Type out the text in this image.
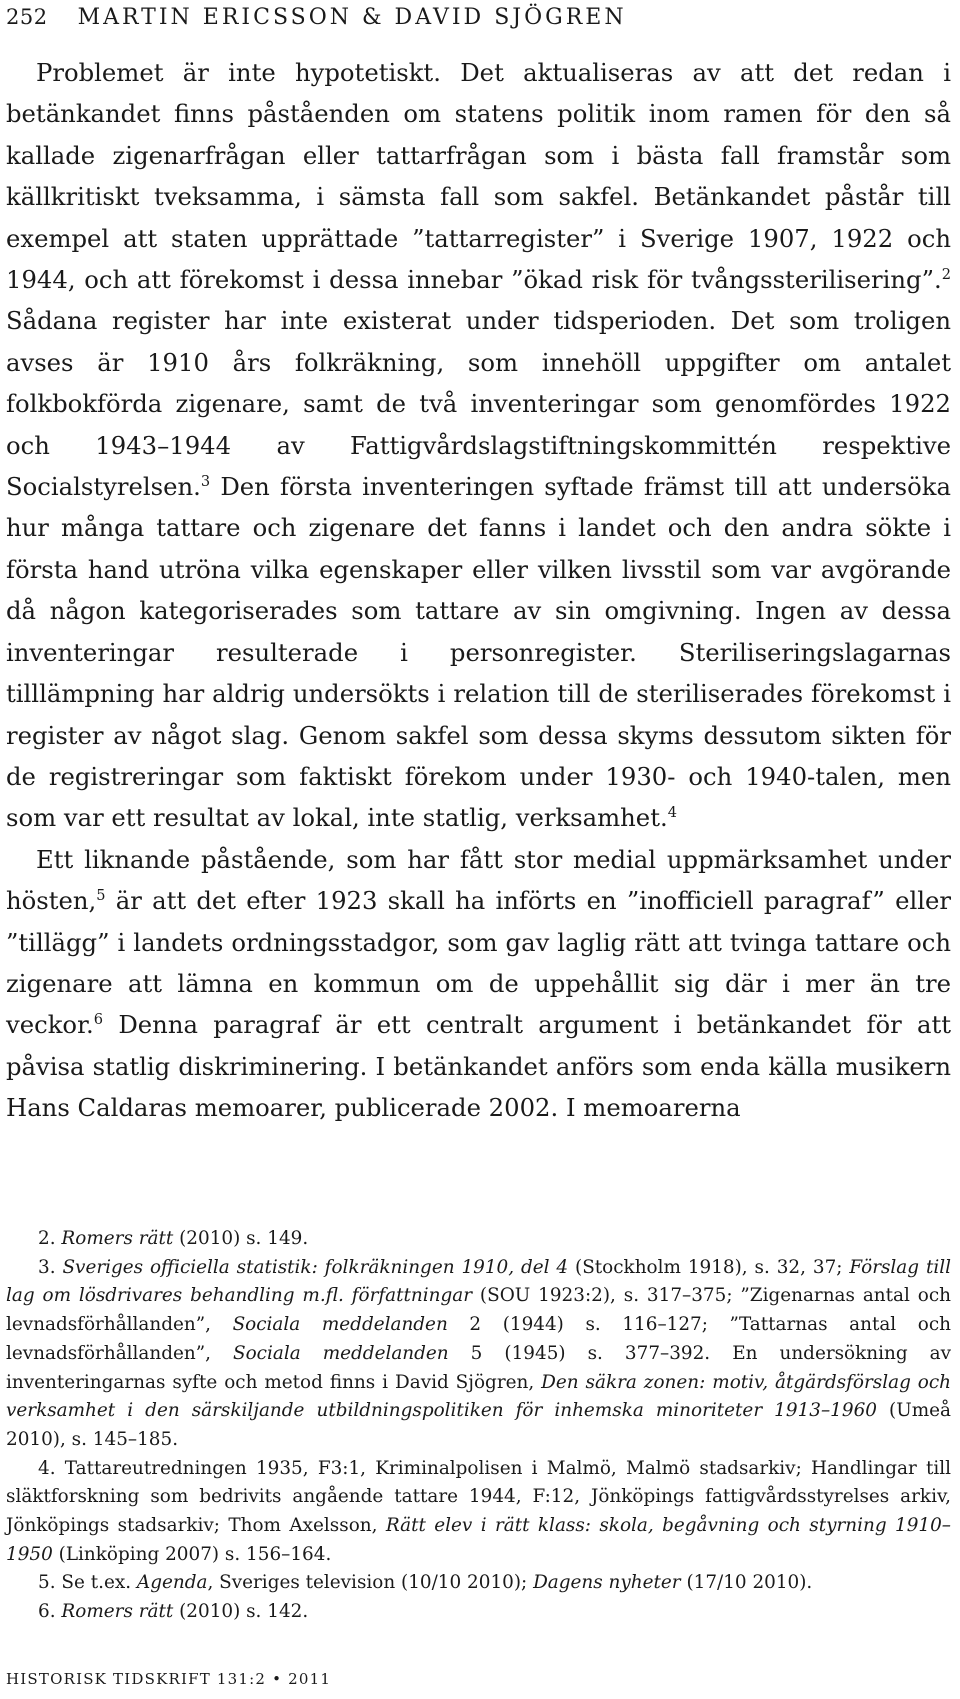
252 MARTIN ERICSSON & DAVID SJÖGREN

Problemet är inte hypotetiskt. Det aktualiseras av att det redan i betänkandet finns påståenden om statens politik inom ramen för den så kallade zigenarfrågan eller tattarfrågan som i bästa fall framstår som källkritiskt tveksamma, i sämsta fall som sakfel. Betänkandet påstår till exempel att staten upprättade ”tattarregister” i Sverige 1907, 1922 och 1944, och att förekomst i dessa innebar ”ökad risk för tvångssterilisering”.$^2$ Sådana register har inte existerat under tidsperioden. Det som troligen avses är 1910 års folkräkning, som innehöll uppgifter om antalet folkbokförda zigenare, samt de två inventeringar som genomfördes 1922 och 1943–1944 av Fattigvårdslagstiftningskommittén respektive Socialstyrelsen.$^3$ Den första inventeringen syftade främst till att undersöka hur många tattare och zigenare det fanns i landet och den andra sökte i första hand utröna vilka egenskaper eller vilken livsstil som var avgörande då någon kategoriserades som tattare av sin omgivning. Ingen av dessa inventeringar resulterade i personregister. Steriliseringslagarnas tilllämpning har aldrig undersökts i relation till de steriliserades förekomst i register av något slag. Genom sakfel som dessa skyms dessutom sikten för de registreringar som faktiskt förekom under 1930- och 1940-talen, men som var ett resultat av lokal, inte statlig, verksamhet.$^4$

Ett liknande påstående, som har fått stor medial uppmärksamhet under hösten,$^5$ är att det efter 1923 skall ha införts en ”inofficiell paragraf” eller ”tillägg” i landets ordningsstadgor, som gav laglig rätt att tvinga tattare och zigenare att lämna en kommun om de uppehållit sig där i mer än tre veckor.$^6$ Denna paragraf är ett centralt argument i betänkandet för att påvisa statlig diskriminering. I betänkandet anförs som enda källa musikern Hans Caldaras memoarer, publicerade 2002. I memoarerna

2. Romers rätt (2010) s. 149.

3. Sveriges officiella statistik: folkräkningen 1910, del 4 (Stockholm 1918), s. 32, 37; Förslag till lag om lösdrivares behandling m.fl. författningar (SOU 1923:2), s. 317–375; ”Zigenarnas antal och levnadsförhållanden”, Sociala meddelanden 2 (1944) s. 116–127; ”Tattarnas antal och levnadsförhållanden”, Sociala meddelanden 5 (1945) s. 377–392. En undersökning av inventeringarnas syfte och metod finns i David Sjögren, Den säkra zonen: motiv, åtgärdsförslag och verksamhet i den särskiljande utbildningspolitiken för inhemska minoriteter 1913–1960 (Umeå 2010), s. 145–185.

4. Tattareutredningen 1935, F3:1, Kriminalpolisen i Malmö, Malmö stadsarkiv; Handlingar till släktforskning som bedrivits angående tattare 1944, F:12, Jönköpings fattigvårdsstyrelses arkiv, Jönköpings stadsarkiv; Thom Axelsson, Rätt elev i rätt klass: skola, begåvning och styrning 1910–1950 (Linköping 2007) s. 156–164.

5. Se t.ex. Agenda, Sveriges television (10/10 2010); Dagens nyheter (17/10 2010).

6. Romers rätt (2010) s. 142.

HISTORISK TIDSKRIFT 131:2 • 2011
